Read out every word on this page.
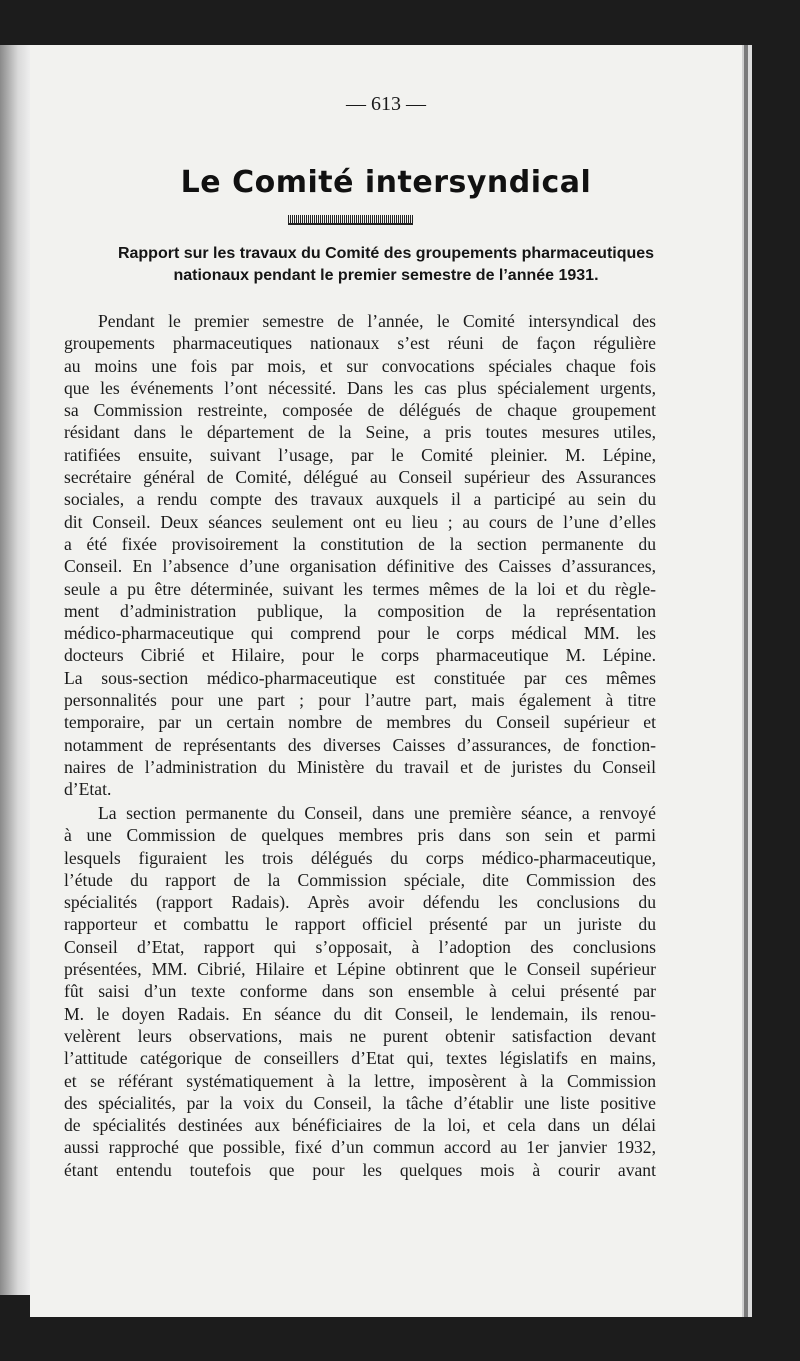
— 613 —
Le Comité intersyndical
Rapport sur les travaux du Comité des groupements pharmaceutiques
nationaux pendant le premier semestre de l’année 1931.
Pendant le premier semestre de l’année, le Comité intersyndical des
groupements pharmaceutiques nationaux s’est réuni de façon régulière
au moins une fois par mois, et sur convocations spéciales chaque fois
que les événements l’ont nécessité. Dans les cas plus spécialement urgents,
sa Commission restreinte, composée de délégués de chaque groupement
résidant dans le département de la Seine, a pris toutes mesures utiles,
ratifiées ensuite, suivant l’usage, par le Comité pleinier. M. Lépine,
secrétaire général de Comité, délégué au Conseil supérieur des Assurances
sociales, a rendu compte des travaux auxquels il a participé au sein du
dit Conseil. Deux séances seulement ont eu lieu ; au cours de l’une d’elles
a été fixée provisoirement la constitution de la section permanente du
Conseil. En l’absence d’une organisation définitive des Caisses d’assurances,
seule a pu être déterminée, suivant les termes mêmes de la loi et du règle-
ment d’administration publique, la composition de la représentation
médico-pharmaceutique qui comprend pour le corps médical MM. les
docteurs Cibrié et Hilaire, pour le corps pharmaceutique M. Lépine.
La sous-section médico-pharmaceutique est constituée par ces mêmes
personnalités pour une part ; pour l’autre part, mais également à titre
temporaire, par un certain nombre de membres du Conseil supérieur et
notamment de représentants des diverses Caisses d’assurances, de fonction-
naires de l’administration du Ministère du travail et de juristes du Conseil
d’Etat.
La section permanente du Conseil, dans une première séance, a renvoyé
à une Commission de quelques membres pris dans son sein et parmi
lesquels figuraient les trois délégués du corps médico-pharmaceutique,
l’étude du rapport de la Commission spéciale, dite Commission des
spécialités (rapport Radais). Après avoir défendu les conclusions du
rapporteur et combattu le rapport officiel présenté par un juriste du
Conseil d’Etat, rapport qui s’opposait, à l’adoption des conclusions
présentées, MM. Cibrié, Hilaire et Lépine obtinrent que le Conseil supérieur
fût saisi d’un texte conforme dans son ensemble à celui présenté par
M. le doyen Radais. En séance du dit Conseil, le lendemain, ils renou-
velèrent leurs observations, mais ne purent obtenir satisfaction devant
l’attitude catégorique de conseillers d’Etat qui, textes législatifs en mains,
et se référant systématiquement à la lettre, imposèrent à la Commission
des spécialités, par la voix du Conseil, la tâche d’établir une liste positive
de spécialités destinées aux bénéficiaires de la loi, et cela dans un délai
aussi rapproché que possible, fixé d’un commun accord au 1er janvier 1932,
étant entendu toutefois que pour les quelques mois à courir avant
